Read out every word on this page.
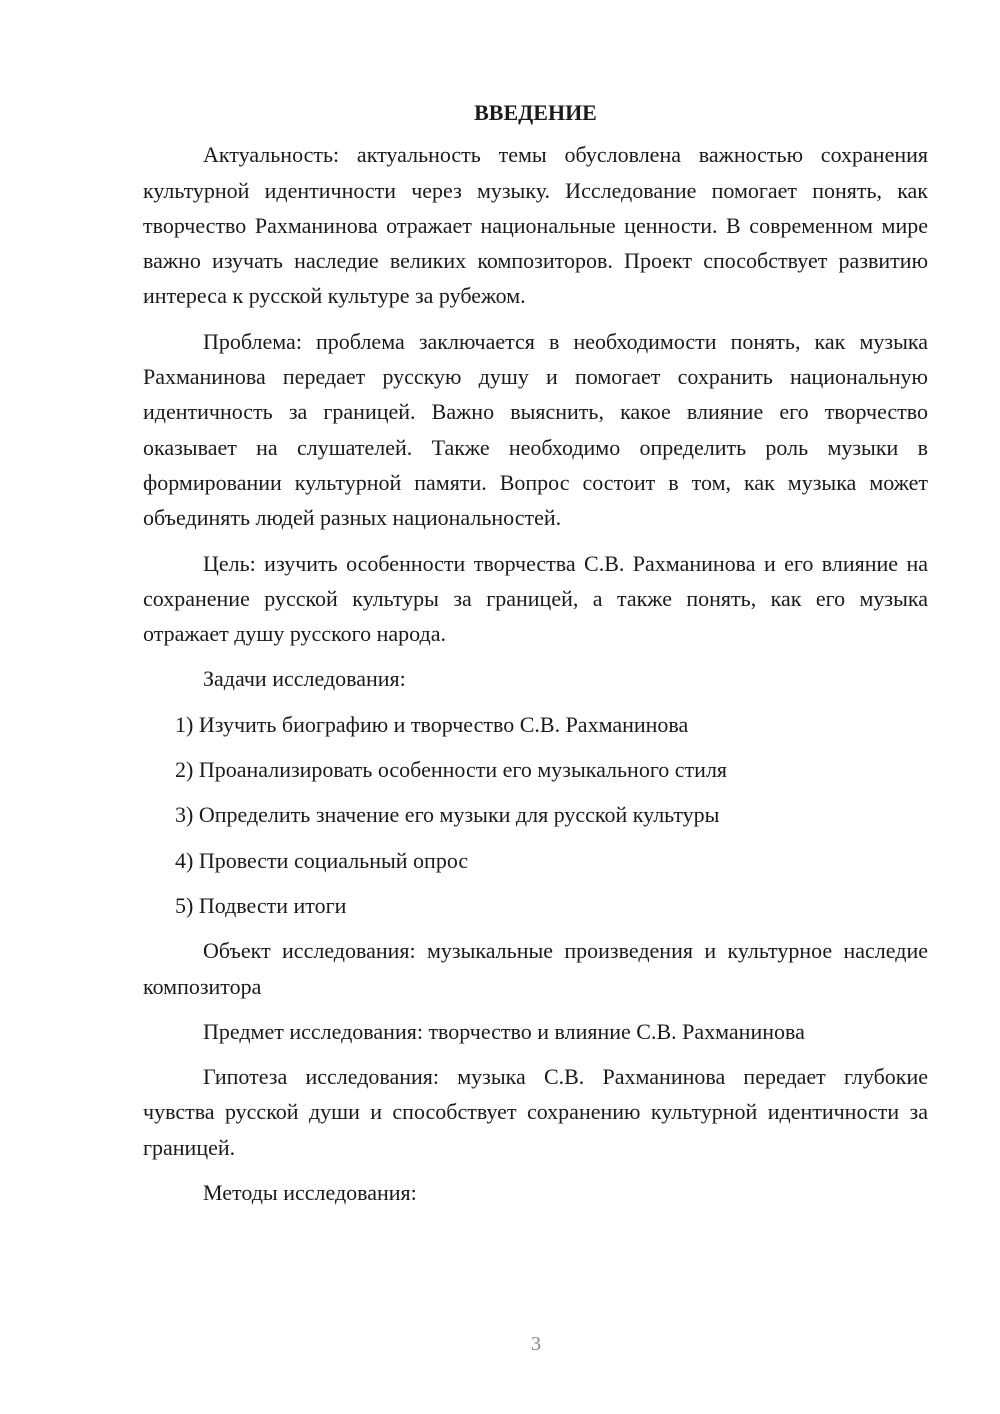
ВВЕДЕНИЕ

Актуальность: актуальность темы обусловлена важностью сохранения культурной идентичности через музыку. Исследование помогает понять, как творчество Рахманинова отражает национальные ценности. В современном мире важно изучать наследие великих композиторов. Проект способствует развитию интереса к русской культуре за рубежом.

Проблема: проблема заключается в необходимости понять, как музыка Рахманинова передает русскую душу и помогает сохранить национальную идентичность за границей. Важно выяснить, какое влияние его творчество оказывает на слушателей. Также необходимо определить роль музыки в формировании культурной памяти. Вопрос состоит в том, как музыка может объединять людей разных национальностей.

Цель: изучить особенности творчества С.В. Рахманинова и его влияние на сохранение русской культуры за границей, а также понять, как его музыка отражает душу русского народа.

Задачи исследования:

1) Изучить биографию и творчество С.В. Рахманинова
2) Проанализировать особенности его музыкального стиля
3) Определить значение его музыки для русской культуры
4) Провести социальный опрос
5) Подвести итоги

Объект исследования: музыкальные произведения и культурное наследие композитора

Предмет исследования: творчество и влияние С.В. Рахманинова

Гипотеза исследования: музыка С.В. Рахманинова передает глубокие чувства русской души и способствует сохранению культурной идентичности за границей.

Методы исследования:

3
